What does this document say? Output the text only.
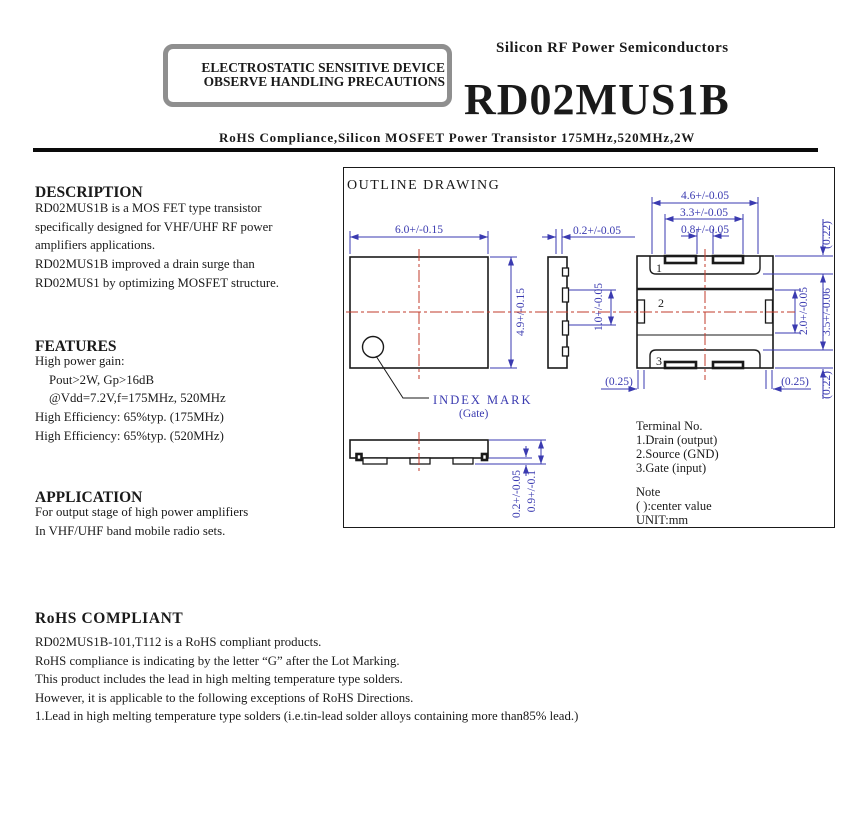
ELECTROSTATIC SENSITIVE DEVICE
OBSERVE HANDLING PRECAUTIONS
Silicon RF Power Semiconductors
RD02MUS1B
RoHS Compliance,Silicon MOSFET Power Transistor 175MHz,520MHz,2W
DESCRIPTION
RD02MUS1B is a MOS FET type transistor
specifically designed for VHF/UHF RF power
amplifiers applications.
RD02MUS1B improved a drain surge than
RD02MUS1 by optimizing MOSFET structure.
FEATURES
High power gain:
Pout>2W, Gp>16dB
@Vdd=7.2V,f=175MHz, 520MHz
High Efficiency: 65%typ. (175MHz)
High Efficiency: 65%typ. (520MHz)
APPLICATION
For output stage of high power amplifiers
In VHF/UHF band mobile radio sets.
RoHS COMPLIANT
RD02MUS1B-101,T112 is a RoHS compliant products.
RoHS compliance is indicating by the letter “G” after the Lot Marking.
This product includes the lead in high melting temperature type solders.
However, it is applicable to the following exceptions of RoHS Directions.
1.Lead in high melting temperature type solders (i.e.tin-lead solder alloys containing more than85% lead.)
OUTLINE DRAWING
6.0+/-0.15
4.9+/-0.15
INDEX MARK
(Gate)
0.2+/-0.05
1.0+/-0.05
1
2
3
4.6+/-0.05
3.3+/-0.05
0.8+/-0.05	(0.22)
3.5+/-0.06
2.0+/-0.05
(0.22)
(0.25)	(0.25)
0.2+/-0.05 0.9+/-0.1
Terminal No.
1.Drain (output)
2.Source (GND)
3.Gate (input)
Note
( ):center value
UNIT:mm
